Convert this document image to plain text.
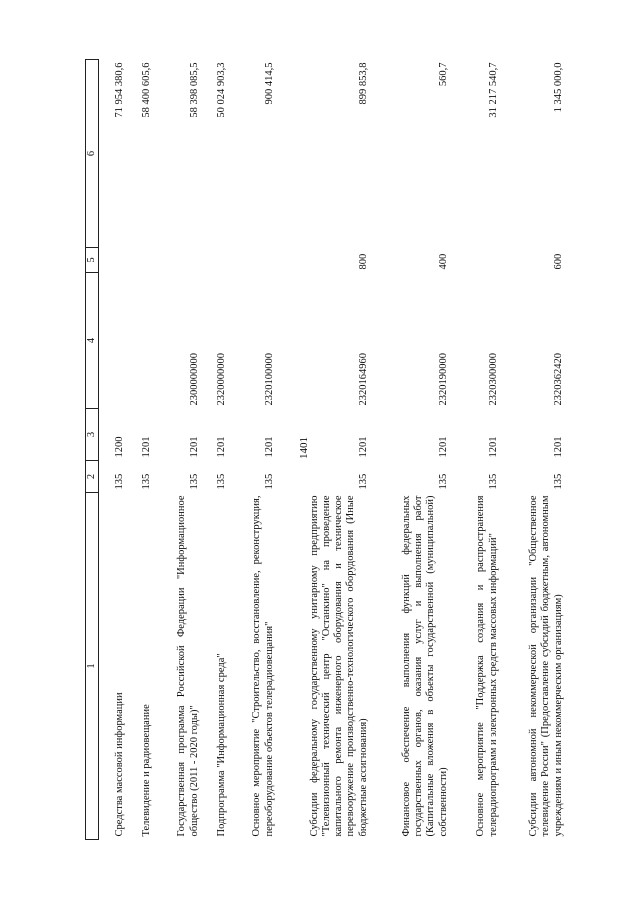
1401
1	2	3	4	5	6
Средства массовой информации	135	1200			71 954 380,6
Телевидение и радиовещание	135	1201			58 400 605,6
Государственная программа Российской Федерации "Информационное общество (2011 - 2020 годы)"	135	1201	2300000000		58 398 085,5
Подпрограмма "Информационная среда"	135	1201	2320000000		50 024 903,3
Основное мероприятие "Строительство, восстановление, реконструкция, переоборудование объектов телерадиовещания"	135	1201	2320100000		900 414,5
Субсидии федеральному государственному унитарному предприятию "Телевизионный технический центр "Останкино" на проведение капитального ремонта инженерного оборудования и техническое перевооружение производственно-технологического оборудования (Иные бюджетные ассигнования)	135	1201	2320164960	800	899 853,8
Финансовое обеспечение выполнения функций федеральных государственных органов, оказания услуг и выполнения работ (Капитальные вложения в объекты государственной (муниципальной) собственности)	135	1201	2320190000	400	560,7
Основное мероприятие "Поддержка создания и распространения телерадиопрограмм и электронных средств массовых информаций"	135	1201	2320300000		31 217 540,7
Субсидии автономной некоммерческой организации "Общественное телевидение России" (Предоставление субсидий бюджетным, автономным учреждениям и иным некоммерческим организациям)	135	1201	2320362420	600	1 345 000,0
